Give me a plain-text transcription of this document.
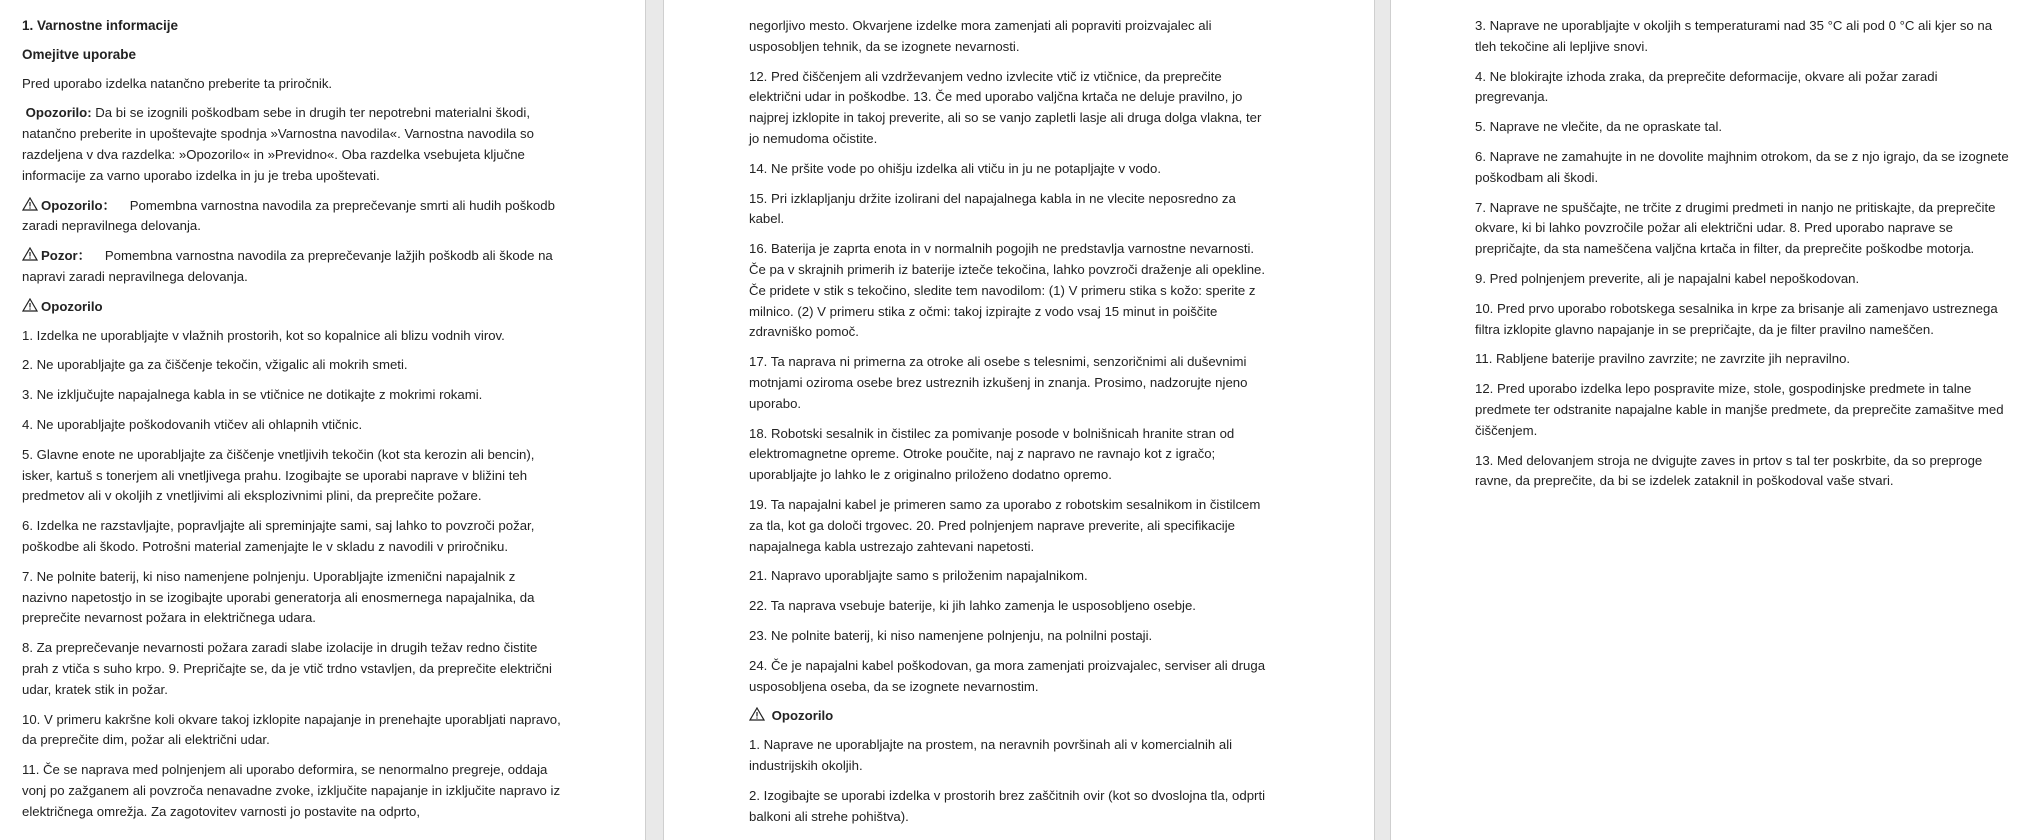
1. Varnostne informacije

Omejitve uporabe

Pred uporabo izdelka natančno preberite ta priročnik.

Opozorilo: Da bi se izognili poškodbam sebe in drugih ter nepotrebni materialni škodi, natančno preberite in upoštevajte spodnja »Varnostna navodila«. Varnostna navodila so razdeljena v dva razdelka: »Opozorilo« in »Previdno«. Oba razdelka vsebujeta ključne informacije za varno uporabo izdelka in ju je treba upoštevati.

Opozorilo： Pomembna varnostna navodila za preprečevanje smrti ali hudih poškodb zaradi nepravilnega delovanja.

Pozor： Pomembna varnostna navodila za preprečevanje lažjih poškodb ali škode na napravi zaradi nepravilnega delovanja.

Opozorilo

1. Izdelka ne uporabljajte v vlažnih prostorih, kot so kopalnice ali blizu vodnih virov.

2. Ne uporabljajte ga za čiščenje tekočin, vžigalic ali mokrih smeti.

3. Ne izključujte napajalnega kabla in se vtičnice ne dotikajte z mokrimi rokami.

4. Ne uporabljajte poškodovanih vtičev ali ohlapnih vtičnic.

5. Glavne enote ne uporabljajte za čiščenje vnetljivih tekočin (kot sta kerozin ali bencin), isker, kartuš s tonerjem ali vnetljivega prahu. Izogibajte se uporabi naprave v bližini teh predmetov ali v okoljih z vnetljivimi ali eksplozivnimi plini, da preprečite požare.

6. Izdelka ne razstavljajte, popravljajte ali spreminjajte sami, saj lahko to povzroči požar, poškodbe ali škodo. Potrošni material zamenjajte le v skladu z navodili v priročniku.

7. Ne polnite baterij, ki niso namenjene polnjenju. Uporabljajte izmenični napajalnik z nazivno napetostjo in se izogibajte uporabi generatorja ali enosmernega napajalnika, da preprečite nevarnost požara in električnega udara.

8. Za preprečevanje nevarnosti požara zaradi slabe izolacije in drugih težav redno čistite prah z vtiča s suho krpo. 9. Prepričajte se, da je vtič trdno vstavljen, da preprečite električni udar, kratek stik in požar.

10. V primeru kakršne koli okvare takoj izklopite napajanje in prenehajte uporabljati napravo, da preprečite dim, požar ali električni udar.

11. Če se naprava med polnjenjem ali uporabo deformira, se nenormalno pregreje, oddaja vonj po zažganem ali povzroča nenavadne zvoke, izključite napajanje in izključite napravo iz električnega omrežja. Za zagotovitev varnosti jo postavite na odprto,

negorljivo mesto. Okvarjene izdelke mora zamenjati ali popraviti proizvajalec ali usposobljen tehnik, da se izognete nevarnosti.

12. Pred čiščenjem ali vzdrževanjem vedno izvlecite vtič iz vtičnice, da preprečite električni udar in poškodbe. 13. Če med uporabo valjčna krtača ne deluje pravilno, jo najprej izklopite in takoj preverite, ali so se vanjo zapletli lasje ali druga dolga vlakna, ter jo nemudoma očistite.

14. Ne pršite vode po ohišju izdelka ali vtiču in ju ne potapljajte v vodo.

15. Pri izklapljanju držite izolirani del napajalnega kabla in ne vlecite neposredno za kabel.

16. Baterija je zaprta enota in v normalnih pogojih ne predstavlja varnostne nevarnosti. Če pa v skrajnih primerih iz baterije izteče tekočina, lahko povzroči draženje ali opekline. Če pridete v stik s tekočino, sledite tem navodilom: (1) V primeru stika s kožo: sperite z milnico. (2) V primeru stika z očmi: takoj izpirajte z vodo vsaj 15 minut in poiščite zdravniško pomoč.

17. Ta naprava ni primerna za otroke ali osebe s telesnimi, senzoričnimi ali duševnimi motnjami oziroma osebe brez ustreznih izkušenj in znanja. Prosimo, nadzorujte njeno uporabo.

18. Robotski sesalnik in čistilec za pomivanje posode v bolnišnicah hranite stran od elektromagnetne opreme. Otroke poučite, naj z napravo ne ravnajo kot z igračo; uporabljajte jo lahko le z originalno priloženo dodatno opremo.

19. Ta napajalni kabel je primeren samo za uporabo z robotskim sesalnikom in čistilcem za tla, kot ga določi trgovec. 20. Pred polnjenjem naprave preverite, ali specifikacije napajalnega kabla ustrezajo zahtevani napetosti.

21. Napravo uporabljajte samo s priloženim napajalnikom.

22. Ta naprava vsebuje baterije, ki jih lahko zamenja le usposobljeno osebje.

23. Ne polnite baterij, ki niso namenjene polnjenju, na polnilni postaji.

24. Če je napajalni kabel poškodovan, ga mora zamenjati proizvajalec, serviser ali druga usposobljena oseba, da se izognete nevarnostim.

Opozorilo

1. Naprave ne uporabljajte na prostem, na neravnih površinah ali v komercialnih ali industrijskih okoljih.

2. Izogibajte se uporabi izdelka v prostorih brez zaščitnih ovir (kot so dvoslojna tla, odprti balkoni ali strehe pohištva).

3. Naprave ne uporabljajte v okoljih s temperaturami nad 35 °C ali pod 0 °C ali kjer so na tleh tekočine ali lepljive snovi.

4. Ne blokirajte izhoda zraka, da preprečite deformacije, okvare ali požar zaradi pregrevanja.

5. Naprave ne vlečite, da ne opraskate tal.

6. Naprave ne zamahujte in ne dovolite majhnim otrokom, da se z njo igrajo, da se izognete poškodbam ali škodi.

7. Naprave ne spuščajte, ne trčite z drugimi predmeti in nanjo ne pritiskajte, da preprečite okvare, ki bi lahko povzročile požar ali električni udar. 8. Pred uporabo naprave se prepričajte, da sta nameščena valjčna krtača in filter, da preprečite poškodbe motorja.

9. Pred polnjenjem preverite, ali je napajalni kabel nepoškodovan.

10. Pred prvo uporabo robotskega sesalnika in krpe za brisanje ali zamenjavo ustreznega filtra izklopite glavno napajanje in se prepričajte, da je filter pravilno nameščen.

11. Rabljene baterije pravilno zavrzite; ne zavrzite jih nepravilno.

12. Pred uporabo izdelka lepo pospravite mize, stole, gospodinjske predmete in talne predmete ter odstranite napajalne kable in manjše predmete, da preprečite zamašitve med čiščenjem.

13. Med delovanjem stroja ne dvigujte zaves in prtov s tal ter poskrbite, da so preproge ravne, da preprečite, da bi se izdelek zataknil in poškodoval vaše stvari.
